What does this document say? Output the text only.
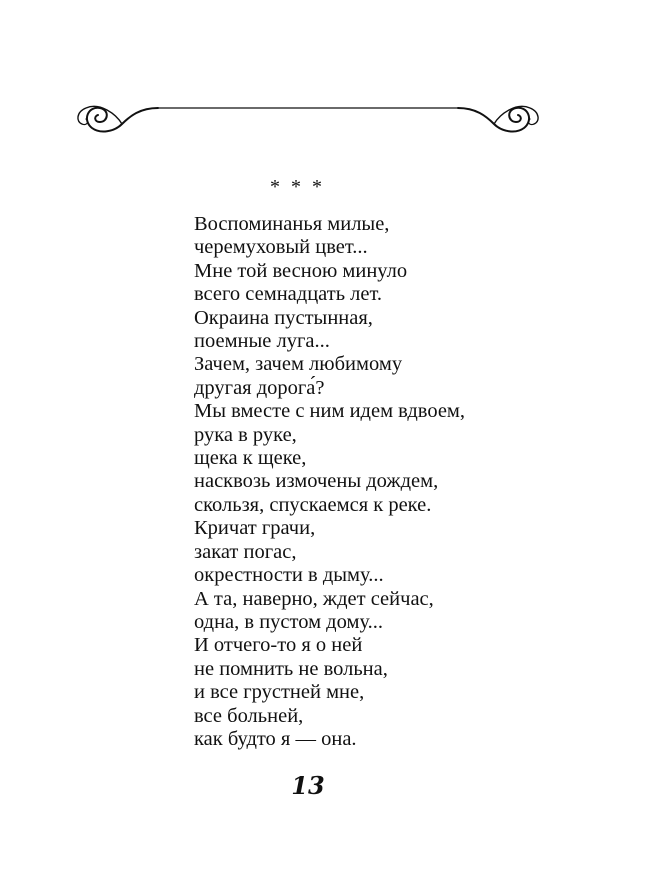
* * *
Воспоминанья милые,
черемуховый цвет...
Мне той весною минуло
всего семнадцать лет.
Окраина пустынная,
поемные луга...
Зачем, зачем любимому
другая дорога́?
Мы вместе с ним идем вдвоем,
рука в руке,
щека к щеке,
насквозь измочены дождем,
скользя, спускаемся к реке.
Кричат грачи,
закат погас,
окрестности в дыму...
А та, наверно, ждет сейчас,
одна, в пустом дому...
И отчего-то я о ней
не помнить не вольна,
и все грустней мне,
все больней,
как будто я — она.
13
